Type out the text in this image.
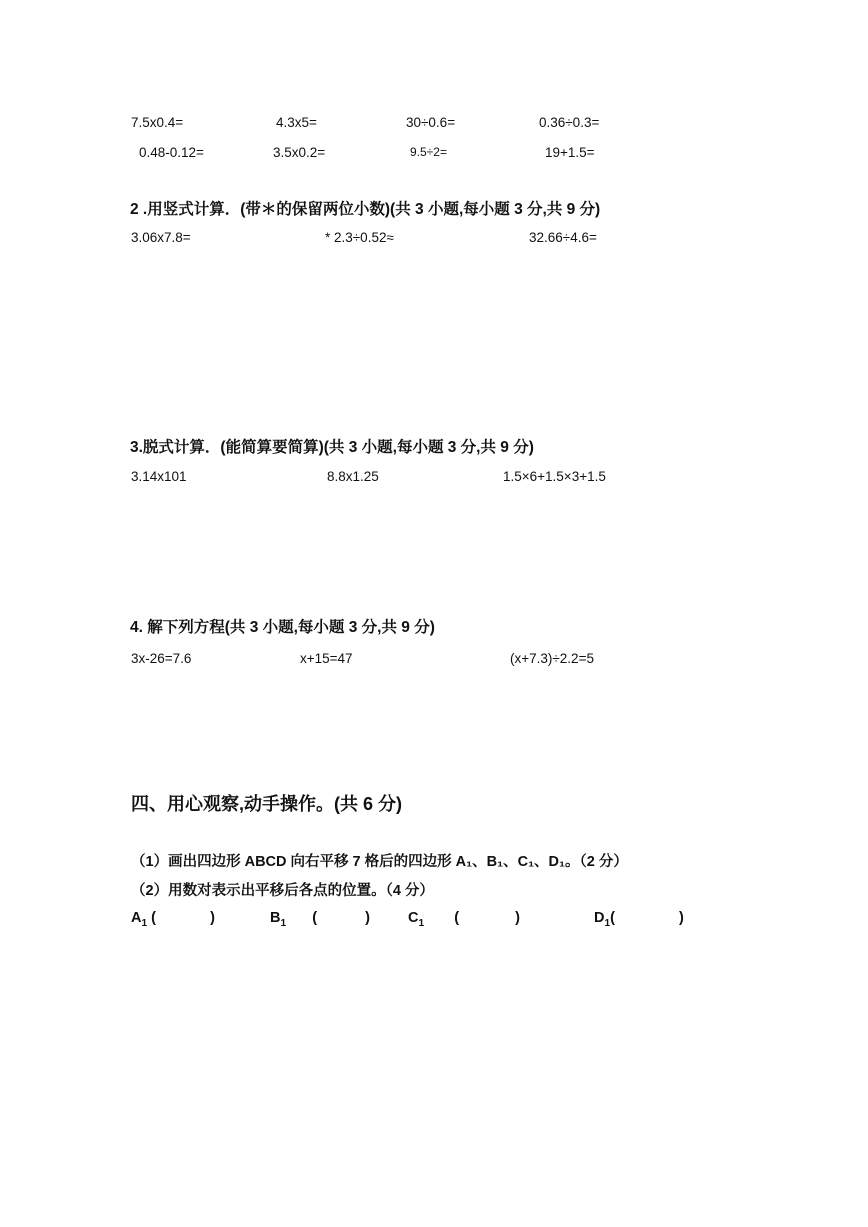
7.5x0.4=	4.3x5=	30÷0.6=	0.36÷0.3=
0.48-0.12=	3.5x0.2=	9.5÷2=	19+1.5=
2 .用竖式计算．(带＊的保留两位小数)(共 3 小题,每小题 3 分,共 9 分)
3.06x7.8=	* 2.3÷0.52≈	32.66÷4.6=
3.脱式计算．(能简算要简算)(共 3 小题,每小题 3 分,共 9 分)
3.14x101	8.8x1.25	1.5×6+1.5×3+1.5
4. 解下列方程(共 3 小题,每小题 3 分,共 9 分)
3x-26=7.6	x+15=47	(x+7.3)÷2.2=5
四、用心观察,动手操作。(共 6 分)
（1）画出四边形 ABCD 向右平移 7 格后的四边形 A₁、B₁、C₁、D₁。（2 分）
（2）用数对表示出平移后各点的位置。（4 分）
$A_1$ (	)	$B_1$ (	)	$C_1$ (	)	$D_1$(	)
